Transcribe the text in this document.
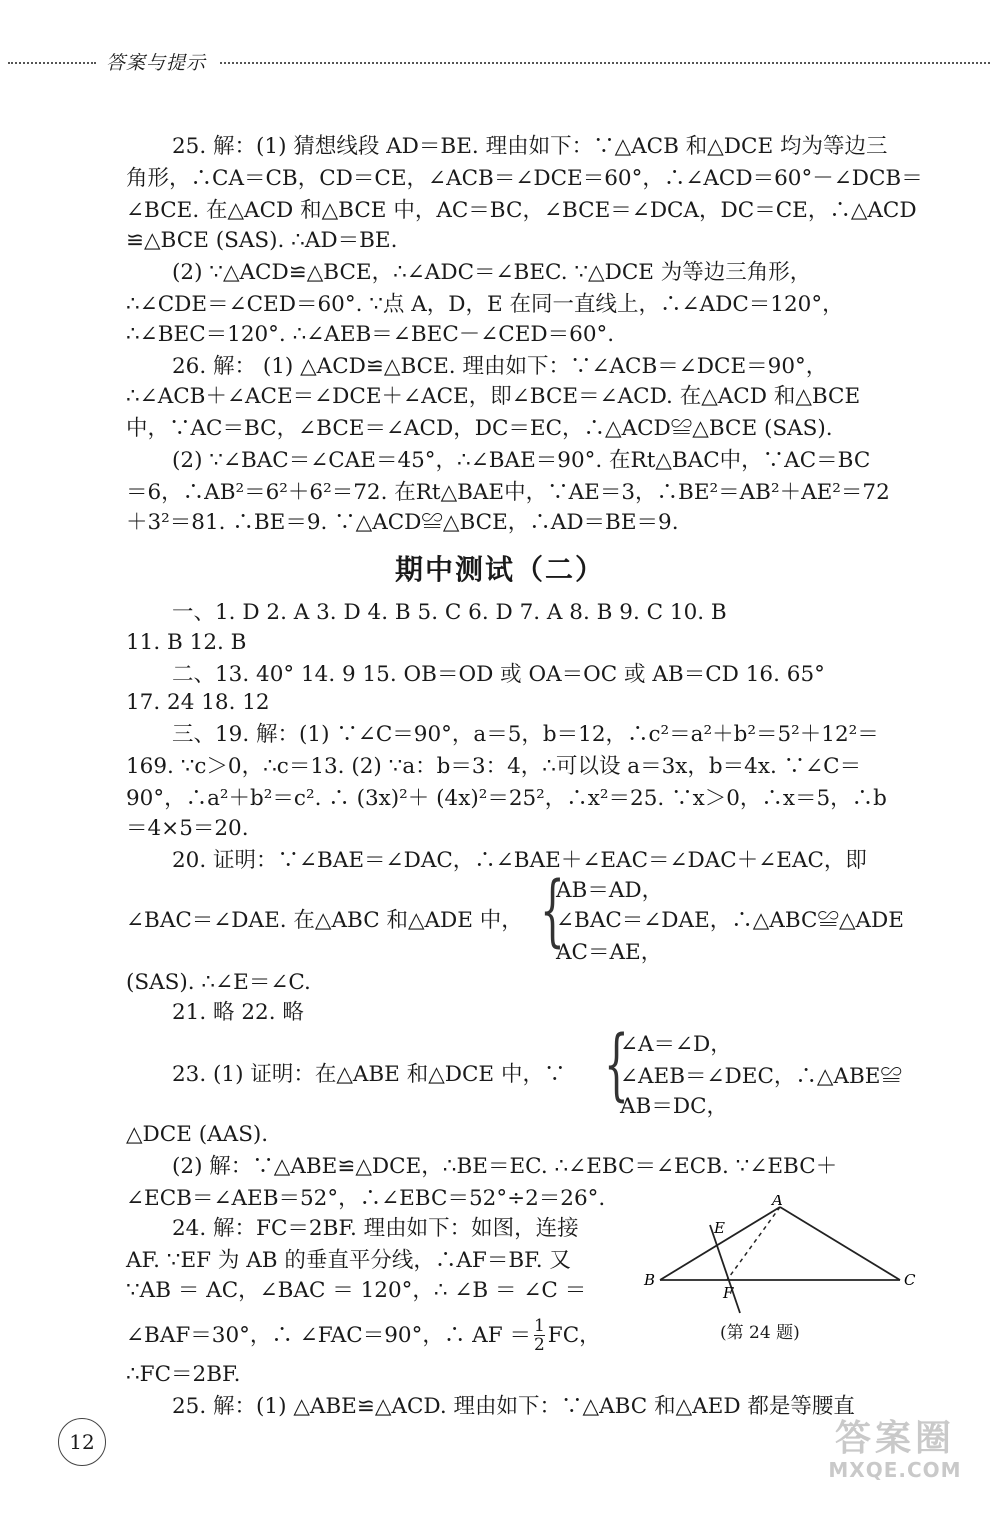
答案与提示
25. 解：(1) 猜想线段 AD＝BE. 理由如下：∵△ACB 和△DCE 均为等边三
角形，∴CA＝CB，CD＝CE，∠ACB＝∠DCE＝60°，∴∠ACD＝60°－∠DCB＝
∠BCE. 在△ACD 和△BCE 中，AC＝BC，∠BCE＝∠DCA，DC＝CE，∴△ACD
≌△BCE (SAS). ∴AD＝BE.
(2) ∵△ACD≌△BCE，∴∠ADC＝∠BEC. ∵△DCE 为等边三角形，
∴∠CDE＝∠CED＝60°. ∵点 A，D，E 在同一直线上，∴∠ADC＝120°，
∴∠BEC＝120°. ∴∠AEB＝∠BEC－∠CED＝60°.
26. 解： (1) △ACD≌△BCE. 理由如下：∵∠ACB＝∠DCE＝90°，
∴∠ACB＋∠ACE＝∠DCE＋∠ACE，即∠BCE＝∠ACD. 在△ACD 和△BCE
中，∵AC＝BC，∠BCE＝∠ACD，DC＝EC，∴△ACD≌△BCE (SAS).
(2) ∵∠BAC＝∠CAE＝45°，∴∠BAE＝90°. 在Rt△BAC中，∵AC＝BC
＝6，∴AB²＝6²＋6²＝72. 在Rt△BAE中，∵AE＝3，∴BE²＝AB²＋AE²＝72
＋3²＝81. ∴BE＝9. ∵△ACD≌△BCE，∴AD＝BE＝9.
期中测试（二）
一、1. D 2. A 3. D 4. B 5. C 6. D 7. A 8. B 9. C 10. B
11. B 12. B
二、13. 40° 14. 9 15. OB＝OD 或 OA＝OC 或 AB＝CD 16. 65°
17. 24 18. 12
三、19. 解：(1) ∵∠C＝90°，a＝5，b＝12，∴c²＝a²＋b²＝5²＋12²＝
169. ∵c＞0，∴c＝13. (2) ∵a：b＝3：4，∴可以设 a＝3x，b＝4x. ∵∠C＝
90°，∴a²＋b²＝c². ∴ (3x)²＋ (4x)²＝25²，∴x²＝25. ∵x＞0，∴x＝5，∴b
＝4×5＝20.
20. 证明：∵∠BAE＝∠DAC，∴∠BAE＋∠EAC＝∠DAC＋∠EAC，即
∠BAC＝∠DAE. 在△ABC 和△ADE 中， {
AB＝AD，
∠BAC＝∠DAE，∴△ABC≌△ADE
AC＝AE，
(SAS). ∴∠E＝∠C.
21. 略 22. 略
23. (1) 证明：在△ABE 和△DCE 中，∵ {
∠A＝∠D，
∠AEB＝∠DEC，∴△ABE≌
AB＝DC，
△DCE (AAS).
(2) 解：∵△ABE≌△DCE，∴BE＝EC. ∴∠EBC＝∠ECB. ∵∠EBC＋
∠ECB＝∠AEB＝52°，∴∠EBC＝52°÷2＝26°.
24. 解：FC＝2BF. 理由如下：如图，连接
AF. ∵EF 为 AB 的垂直平分线，∴AF＝BF. 又
∵AB ＝ AC，∠BAC ＝ 120°，∴ ∠B ＝ ∠C ＝
∠BAF＝30°，∴ ∠FAC＝90°，∴ AF ＝ $\frac{1}{2}$ FC，
∴FC＝2BF.
25. 解：(1) △ABE≌△ACD. 理由如下：∵△ABC 和△AED 都是等腰直
A
B	C
E
F
(第 24 题)
12	答案圈
MXQE.COM
